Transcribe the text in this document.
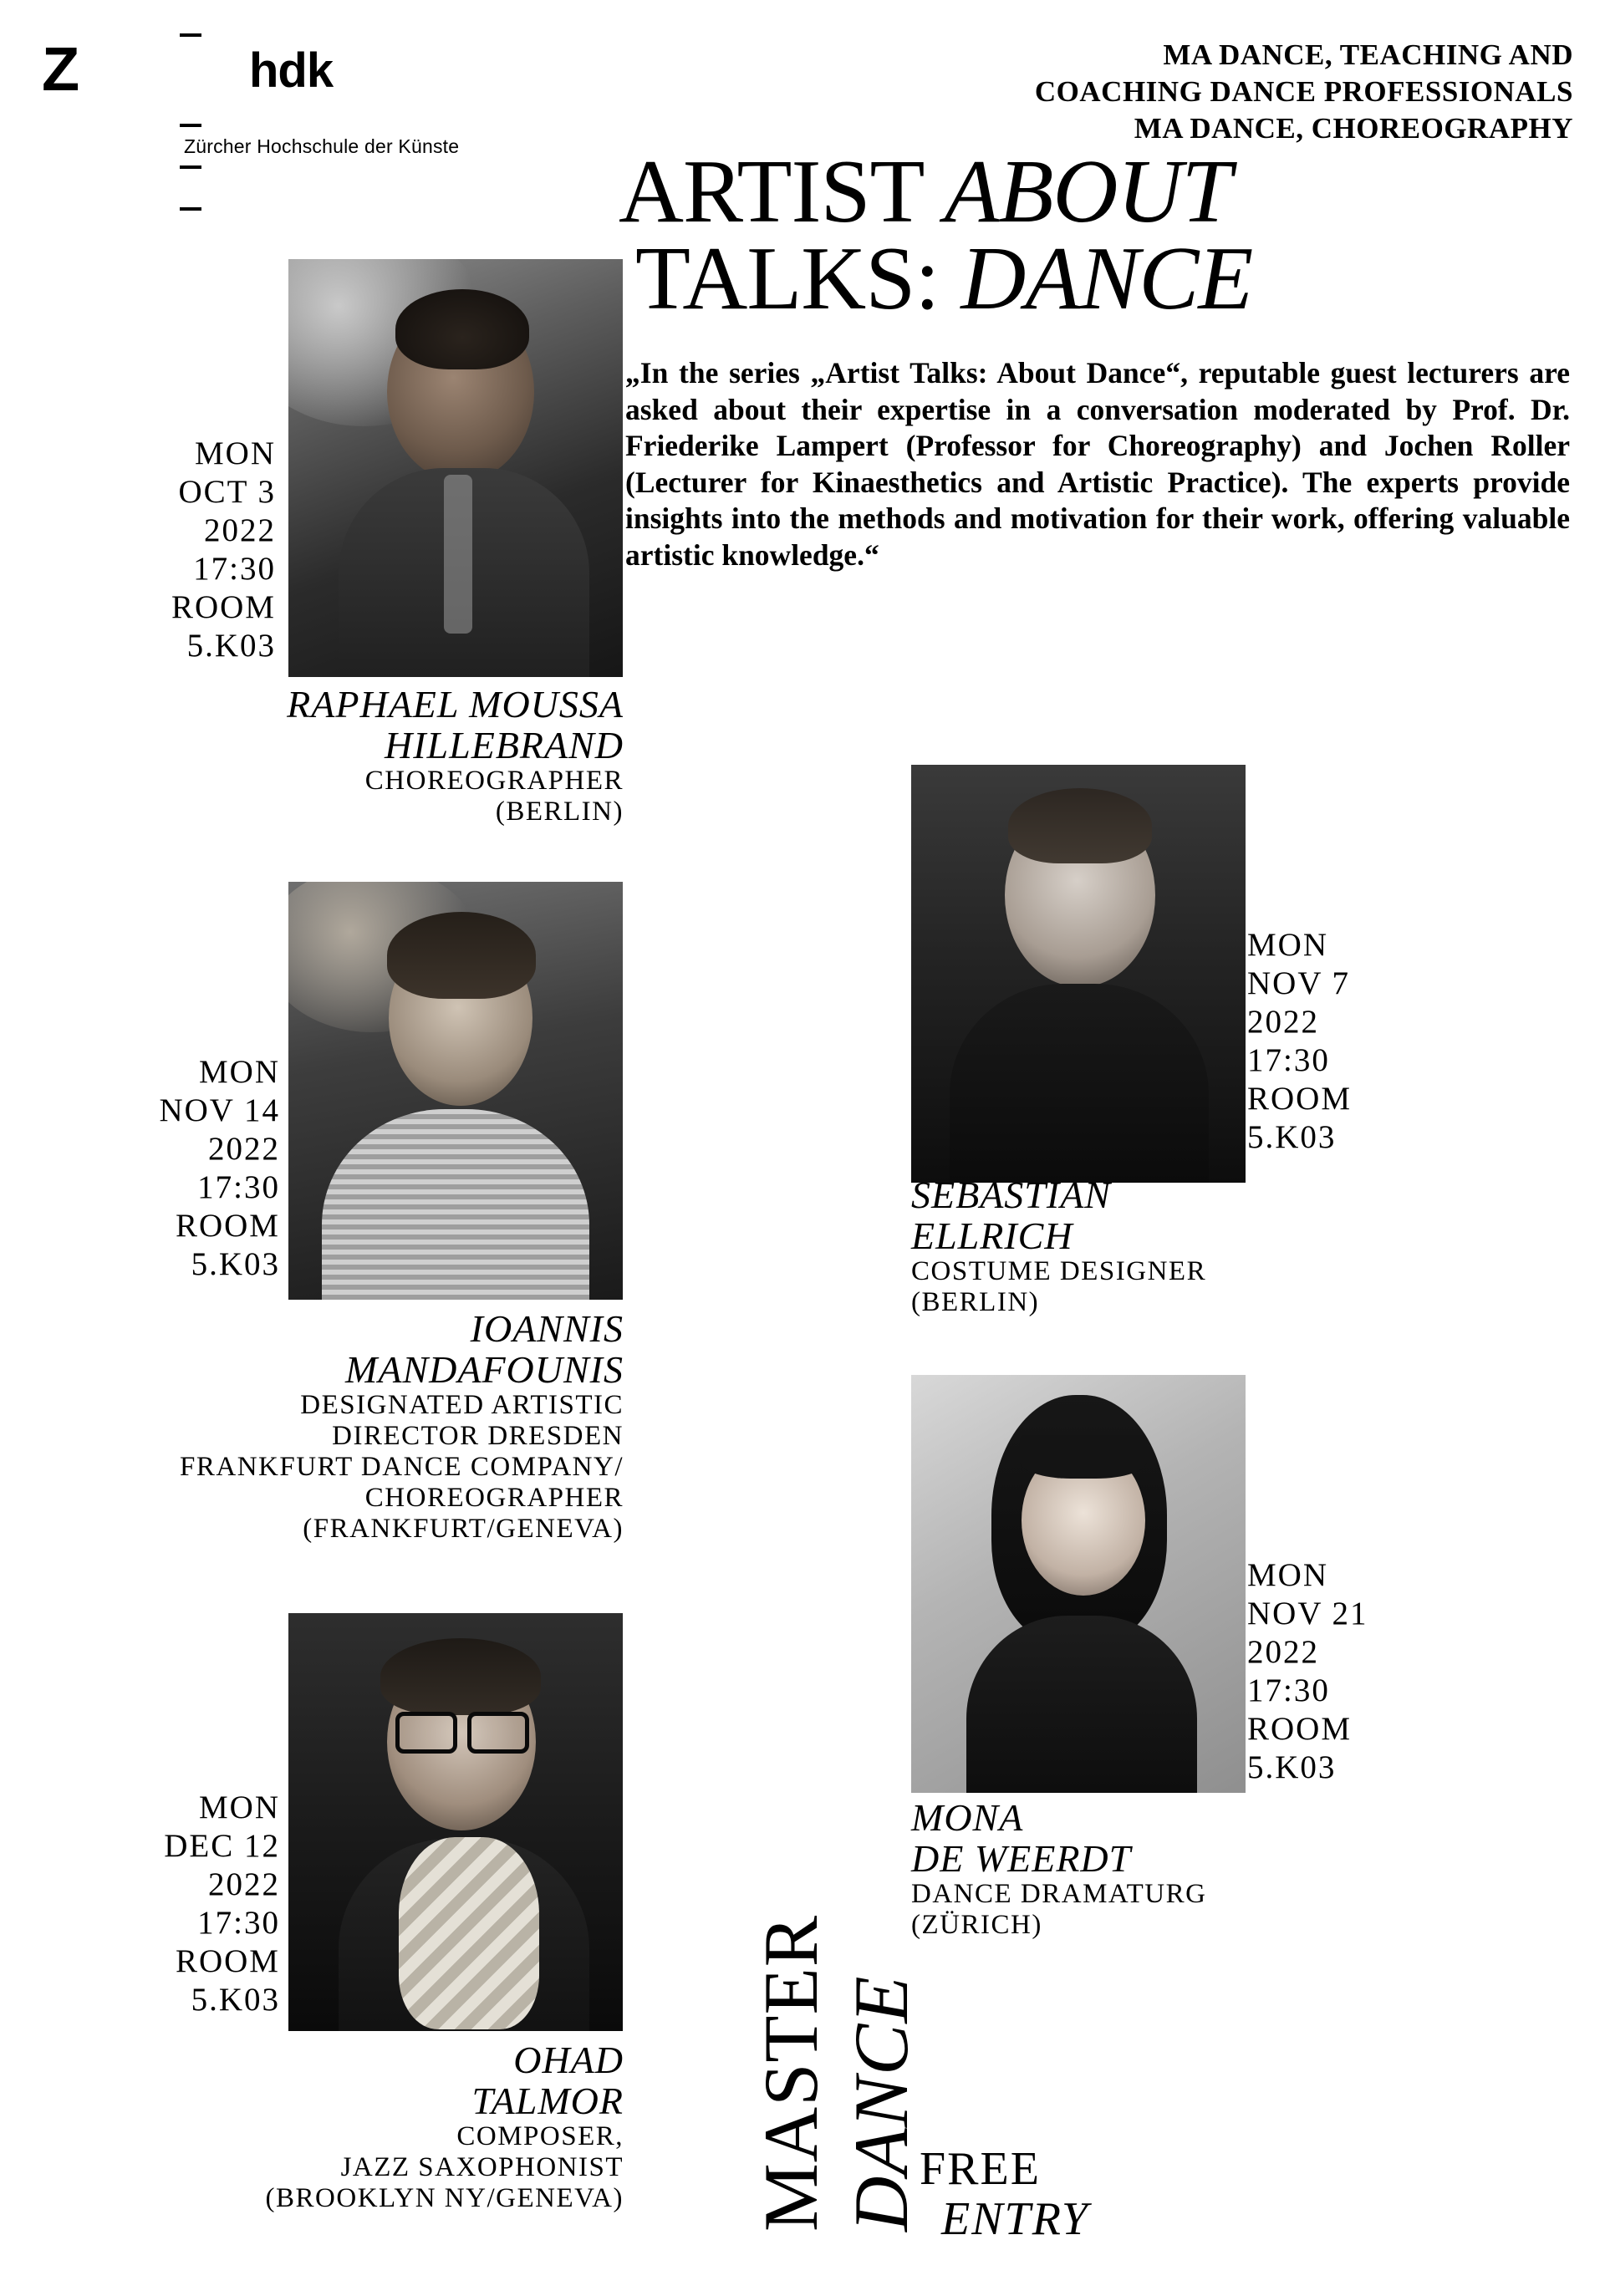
Z	hdk
Zürcher Hochschule der Künste
MA DANCE, TEACHING AND
COACHING DANCE PROFESSIONALS
MA DANCE, CHOREOGRAPHY
ARTIST ABOUT
TALKS: DANCE
„In the series „Artist Talks: About Dance“, reputable guest lecturers are asked about their expertise in a conversation moderated by Prof. Dr. Friederike Lampert (Professor for Choreography) and Jochen Roller (Lecturer for Kinaesthetics and Artistic Practice). The experts provide insights into the methods and motivation for their work, offering valuable artistic knowledge.“
MON
OCT 3
2022
17:30
ROOM
5.K03
RAPHAEL MOUSSA
HILLEBRAND
CHOREOGRAPHER
(BERLIN)
MON
NOV 7
2022
17:30
ROOM
5.K03
SEBASTIAN
ELLRICH
COSTUME DESIGNER
(BERLIN)
MON
NOV 14
2022
17:30
ROOM
5.K03
IOANNIS
MANDAFOUNIS
DESIGNATED ARTISTIC
DIRECTOR DRESDEN
FRANKFURT DANCE COMPANY/
CHOREOGRAPHER
(FRANKFURT/GENEVA)
MON
NOV 21
2022
17:30
ROOM
5.K03
MONA
DE WEERDT
DANCE DRAMATURG
(ZÜRICH)
MON
DEC 12
2022
17:30
ROOM
5.K03
OHAD
TALMOR
COMPOSER,
JAZZ SAXOPHONIST
(BROOKLYN NY/GENEVA) MASTER DANCE
FREE
ENTRY
